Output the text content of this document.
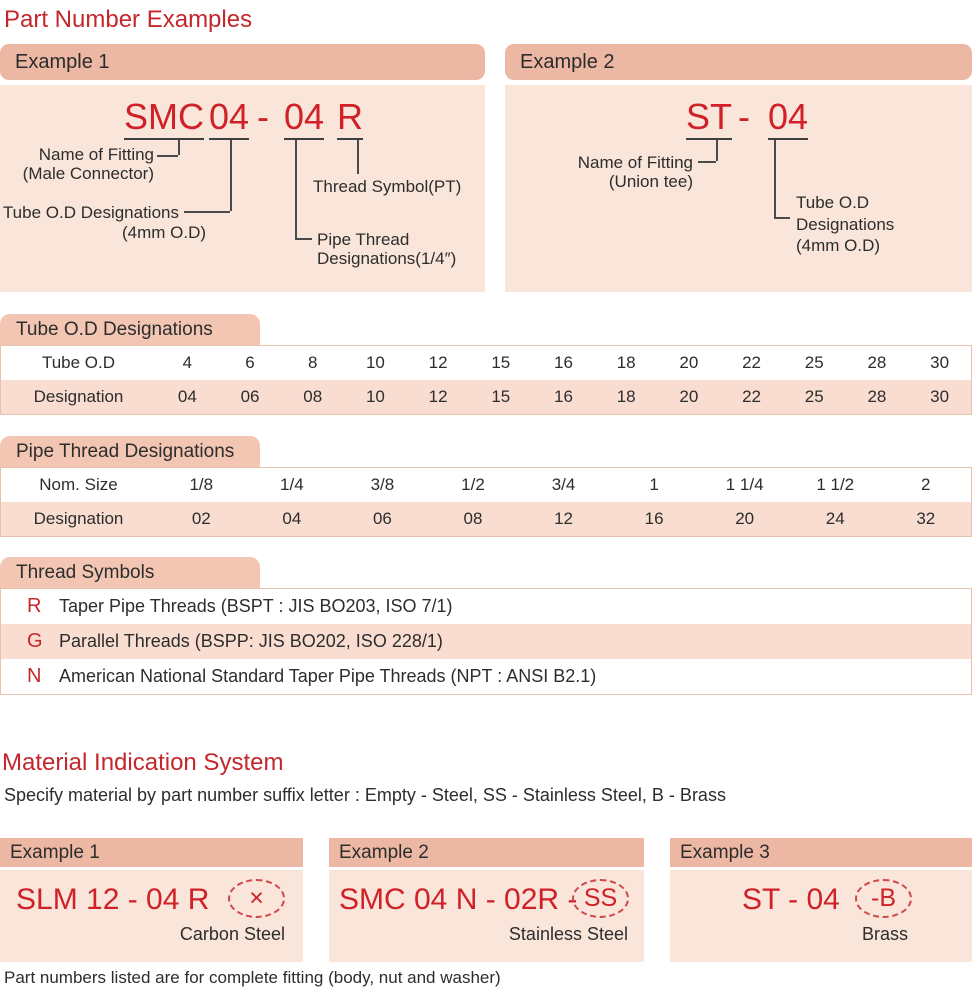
Part Number Examples
Example 1
SMC 04 - 04 R
Name of Fitting
(Male Connector)
Tube O.D Designations
(4mm O.D)	Pipe Thread
Designations(1/4″)
Thread Symbol(PT)
Example 2
ST - 04
Name of Fitting
(Union tee)
Tube O.D
Designations
(4mm O.D)
Tube O.D Designations
Tube O.D	4	6	8	10	12	15	16	18	20	22	25	28	30
Designation	04	06	08	10	12	15	16	18	20	22	25	28	30
Pipe Thread Designations
Nom. Size	1/8	1/4	3/8	1/2	3/4	1	1 1/4	1 1/2	2
Designation	02	04	06	08	12	16	20	24	32
Thread Symbols
R Taper Pipe Threads (BSPT : JIS BO203, ISO 7/1)
G Parallel Threads (BSPP: JIS BO202, ISO 228/1)
N American National Standard Taper Pipe Threads (NPT : ANSI B2.1)
Material Indication System
Specify material by part number suffix letter : Empty - Steel, SS - Stainless Steel, B - Brass
Example 1
SLM 12 - 04 R ×
Carbon Steel
Example 2
SMC 04 N - 02R - SS
Stainless Steel
Example 3
ST - 04 -B
Brass
Part numbers listed are for complete fitting (body, nut and washer)
